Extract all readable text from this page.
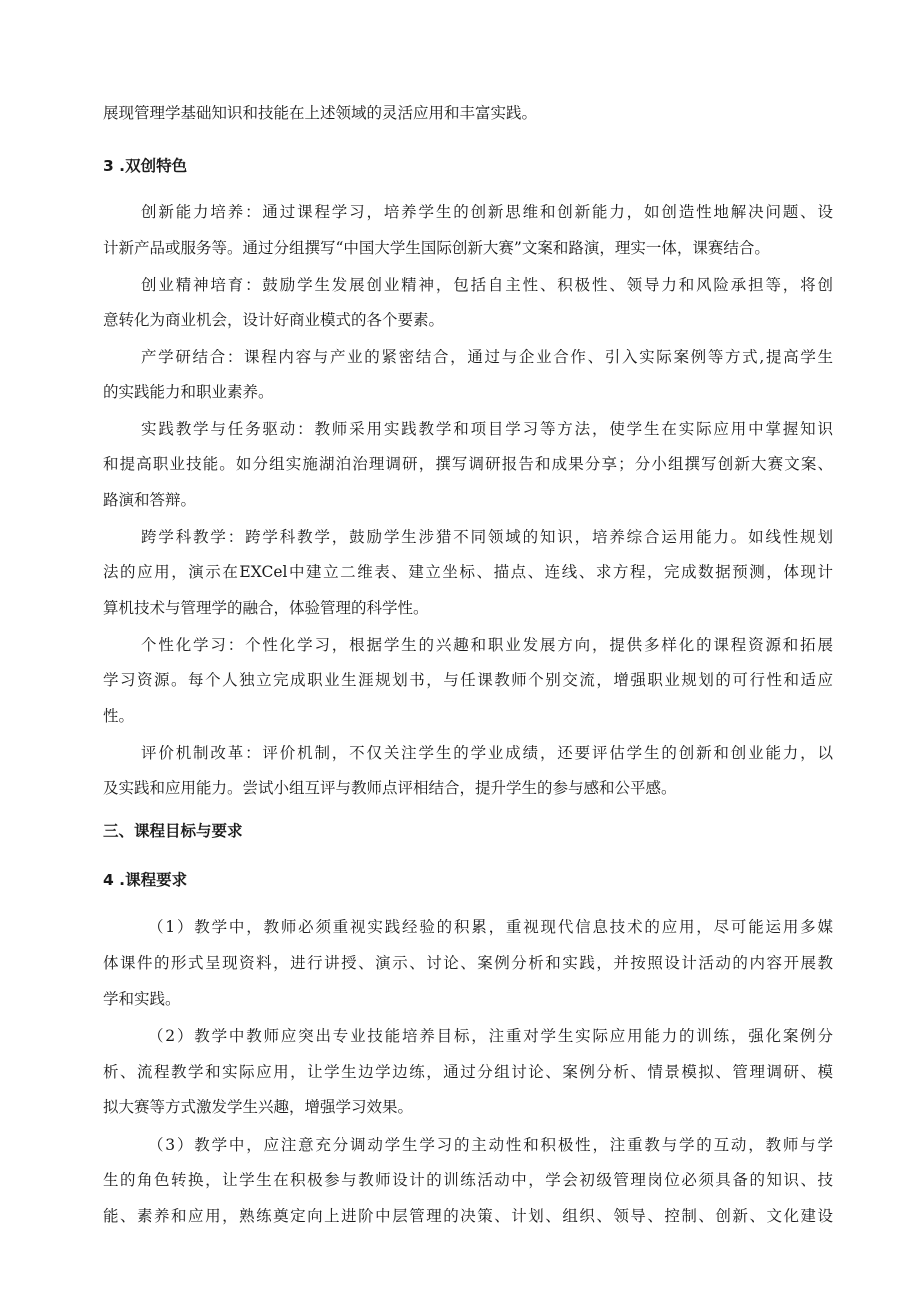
展现管理学基础知识和技能在上述领域的灵活应用和丰富实践。
3 .双创特色
创新能力培养：通过课程学习，培养学生的创新思维和创新能力，如创造性地解决问题、设
计新产品或服务等。通过分组撰写“中国大学生国际创新大赛”文案和路演，理实一体，课赛结合。
创业精神培育：鼓励学生发展创业精神，包括自主性、积极性、领导力和风险承担等，将创
意转化为商业机会，设计好商业模式的各个要素。
产学研结合：课程内容与产业的紧密结合，通过与企业合作、引入实际案例等方式,提高学生
的实践能力和职业素养。
实践教学与任务驱动：教师采用实践教学和项目学习等方法，使学生在实际应用中掌握知识
和提高职业技能。如分组实施湖泊治理调研，撰写调研报告和成果分享；分小组撰写创新大赛文案、
路演和答辩。
跨学科教学：跨学科教学，鼓励学生涉猎不同领域的知识，培养综合运用能力。如线性规划
法的应用，演示在EXCel中建立二维表、建立坐标、描点、连线、求方程，完成数据预测，体现计
算机技术与管理学的融合，体验管理的科学性。
个性化学习：个性化学习，根据学生的兴趣和职业发展方向，提供多样化的课程资源和拓展
学习资源。每个人独立完成职业生涯规划书，与任课教师个别交流，增强职业规划的可行性和适应
性。
评价机制改革：评价机制，不仅关注学生的学业成绩，还要评估学生的创新和创业能力，以
及实践和应用能力。尝试小组互评与教师点评相结合，提升学生的参与感和公平感。
三、课程目标与要求
4 .课程要求
（1）教学中，教师必须重视实践经验的积累，重视现代信息技术的应用，尽可能运用多媒
体课件的形式呈现资料，进行讲授、演示、讨论、案例分析和实践，并按照设计活动的内容开展教
学和实践。
（2）教学中教师应突出专业技能培养目标，注重对学生实际应用能力的训练，强化案例分
析、流程教学和实际应用，让学生边学边练，通过分组讨论、案例分析、情景模拟、管理调研、模
拟大赛等方式激发学生兴趣，增强学习效果。
（3）教学中，应注意充分调动学生学习的主动性和积极性，注重教与学的互动，教师与学
生的角色转换，让学生在积极参与教师设计的训练活动中，学会初级管理岗位必须具备的知识、技
能、素养和应用，熟练奠定向上进阶中层管理的决策、计划、组织、领导、控制、创新、文化建设
